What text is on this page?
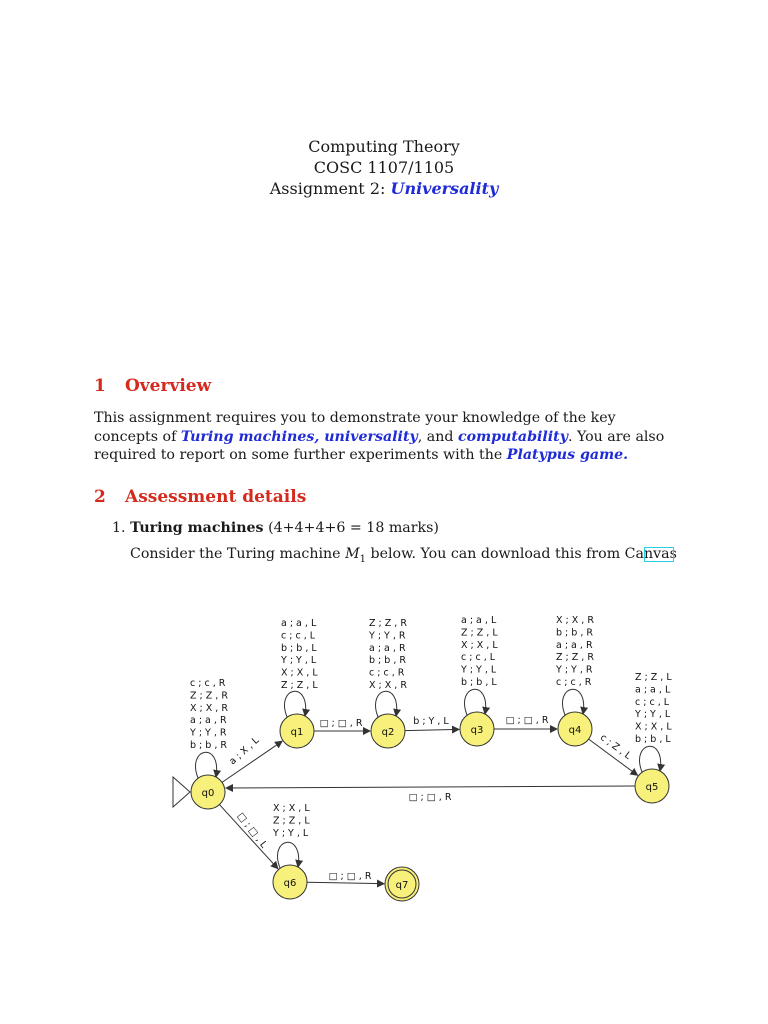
Computing Theory
COSC 1107/1105
Assignment 2: Universality
1 Overview
This assignment requires you to demonstrate your knowledge of the key concepts of Turing machines, universality, and computability. You are also required to report on some further experiments with the Platypus game.
2 Assessment details
1. Turing machines (4+4+4+6 = 18 marks)
Consider the Turing machine $M_1$ below. You can download this from Canvas
q0
q1	q2	q3	q4
q5
q6	q7
a ; X , L
□ ; □ , R	b ; Y , L	□ ; □ , R
c ; Z , L
□ ; □ , R
□ ; □ , L
□ ; □ , R
c ; c , R
Z ; Z , R
X ; X , R
a ; a , R
Y ; Y , R
b ; b , R
a ; a , L
c ; c , L
b ; b , L
Y ; Y , L
X ; X , L
Z ; Z , L
Z ; Z , R
Y ; Y , R
a ; a , R
b ; b , R
c ; c , R
X ; X , R
a ; a , L
Z ; Z , L
X ; X , L
c ; c , L
Y ; Y , L
b ; b , L
X ; X , R
b ; b , R
a ; a , R
Z ; Z , R
Y ; Y , R
c ; c , R	Z ; Z , L
a ; a , L
c ; c , L
Y ; Y , L
X ; X , L
b ; b , L
X ; X , L
Z ; Z , L
Y ; Y , L
